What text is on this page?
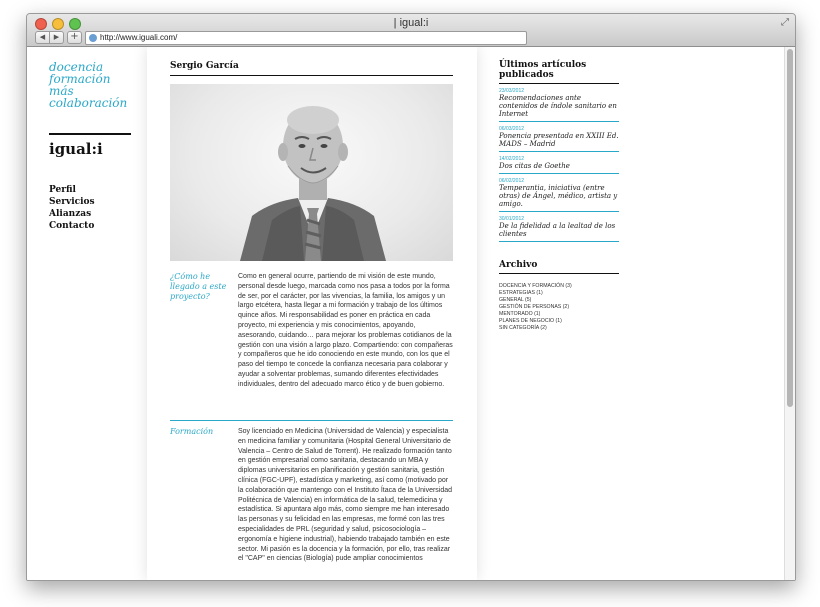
| igual:i	⤢
◀	▶	+	http://www.iguali.com/
docencia
formación
más
colaboración
igual:i
Perfil
Servicios
Alianzas
Contacto
Sergio García
¿Cómo he llegado a este proyecto?
Como en general ocurre, partiendo de mi visión de este mundo, personal desde luego, marcada como nos pasa a todos por la forma de ser, por el carácter, por las vivencias, la familia, los amigos y un largo etcétera, hasta llegar a mi formación y trabajo de los últimos quince años. Mi responsabilidad es poner en práctica en cada proyecto, mi experiencia y mis conocimientos, apoyando, asesorando, cuidando… para mejorar los problemas cotidianos de la gestión con una visión a largo plazo. Compartiendo: con compañeras y compañeros que he ido conociendo en este mundo, con los que el paso del tiempo te concede la confianza necesaria para colaborar y ayudar a solventar problemas, sumando diferentes efectividades individuales, dentro del adecuado marco ético y de buen gobierno.
Formación	Soy licenciado en Medicina (Universidad de Valencia) y especialista en medicina familiar y comunitaria (Hospital General Universitario de Valencia – Centro de Salud de Torrent). He realizado formación tanto en gestión empresarial como sanitaria, destacando un MBA y diplomas universitarios en planificación y gestión sanitaria, gestión clínica (FGC-UPF), estadística y marketing, así como (motivado por la colaboración que mantengo con el Instituto Ítaca de la Universidad Politécnica de Valencia) en informática de la salud, telemedicina y estadística. Si apuntara algo más, como siempre me han interesado las personas y su felicidad en las empresas, me formé con las tres especialidades de PRL (seguridad y salud, psicosociología – ergonomía e higiene industrial), habiendo trabajado también en este sector. Mi pasión es la docencia y la formación, por ello, tras realizar el "CAP" en ciencias (Biología) pude ampliar conocimientos
Últimos artículos publicados
23/03/2012
Recomendaciones ante contenidos de índole sanitario en Internet
06/03/2012
Ponencia presentada en XXIII Ed. MADS – Madrid
14/02/2012
Dos citas de Goethe
06/02/2012
Temperantia, iniciativa (entre otras) de Ángel, médico, artista y amigo.
30/01/2012
De la fidelidad a la lealtad de los clientes
Archivo
DOCENCIA Y FORMACIÓN (3)
ESTRATEGIAS (1)
GENERAL (5)
GESTIÓN DE PERSONAS (2)
MENTORADO (1)
PLANES DE NEGOCIO (1)
SIN CATEGORÍA (2)
